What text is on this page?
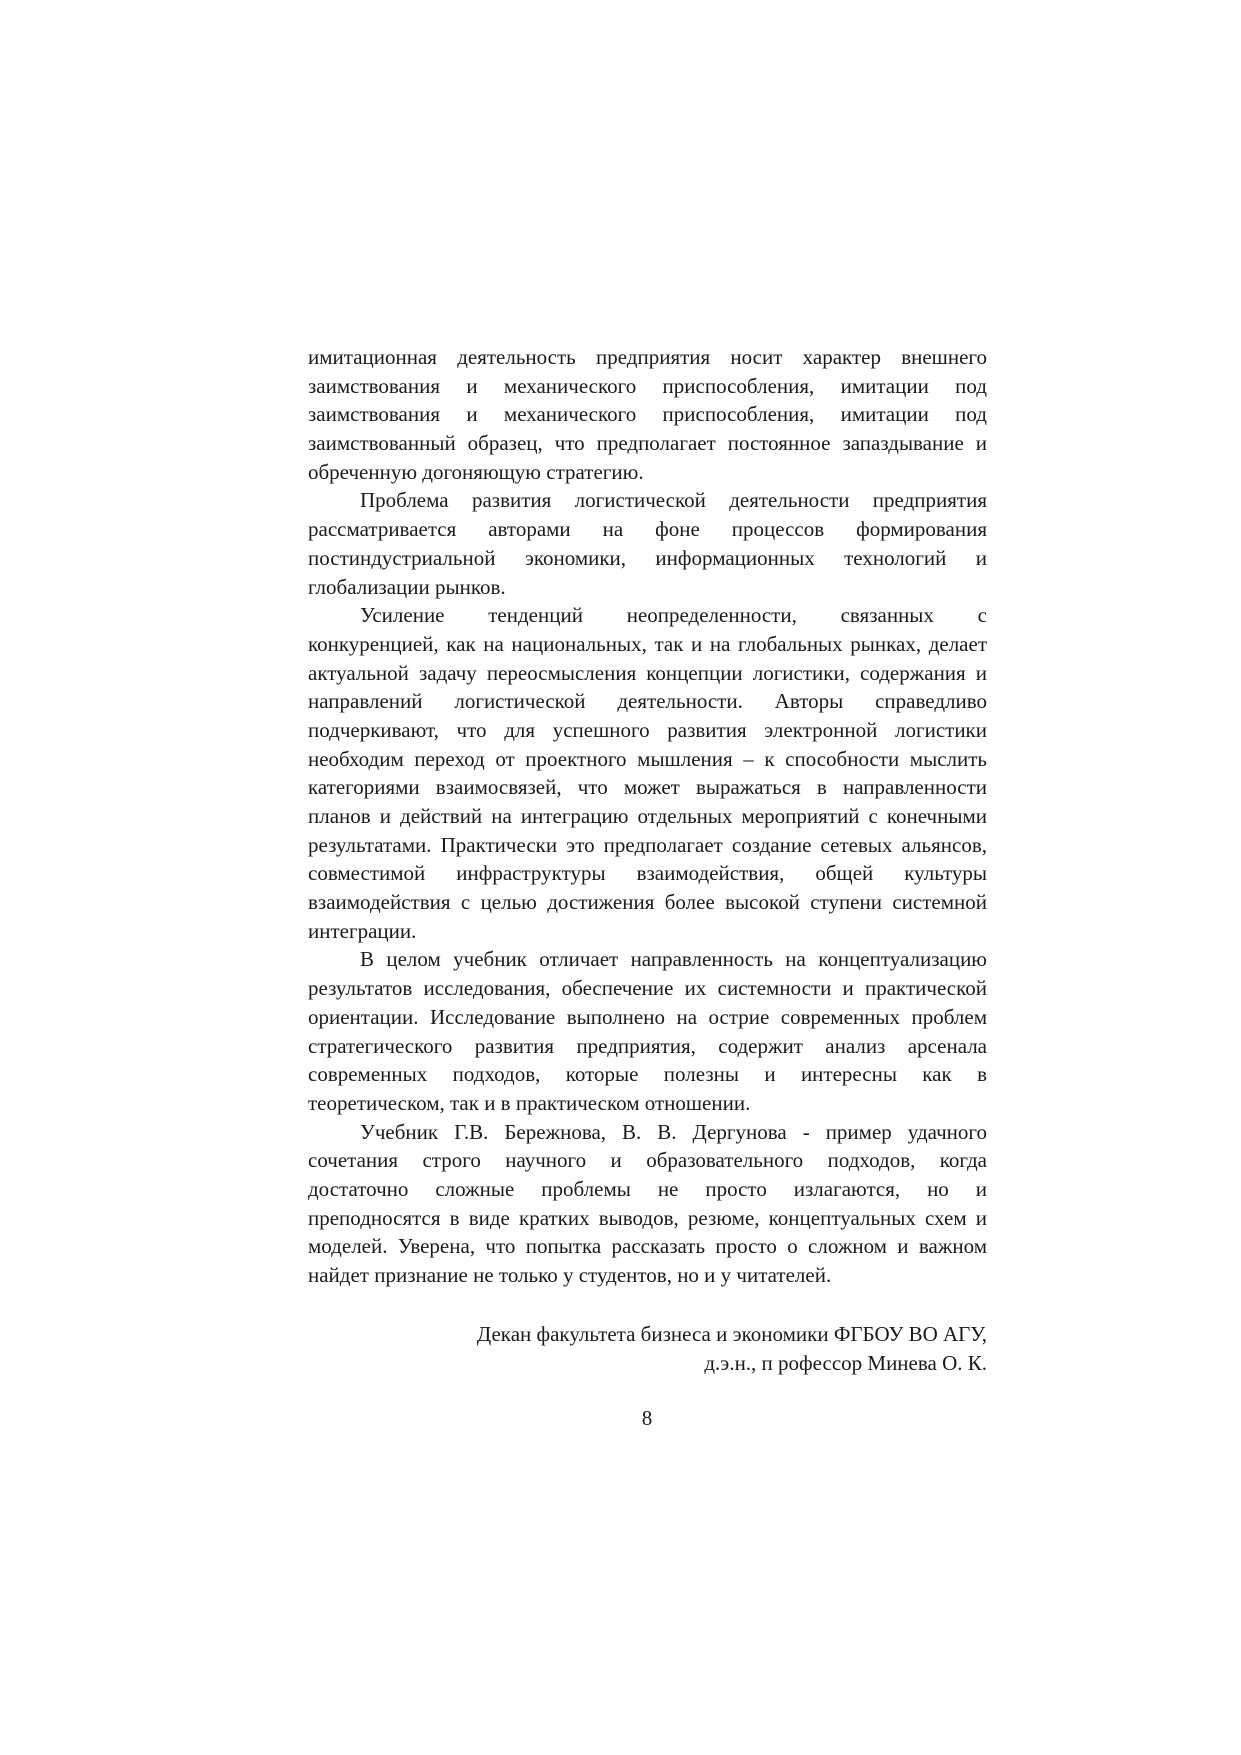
имитационная деятельность предприятия носит характер внешнего
заимствования и механического приспособления, имитации под
заимствования и механического приспособления, имитации под
заимствованный образец, что предполагает постоянное запаздывание и
обреченную догоняющую стратегию.
Проблема развития логистической деятельности предприятия
рассматривается авторами на фоне процессов формирования
постиндустриальной экономики, информационных технологий и
глобализации рынков.
Усиление тенденций неопределенности, связанных с
конкуренцией, как на национальных, так и на глобальных рынках, делает
актуальной задачу переосмысления концепции логистики, содержания и
направлений логистической деятельности. Авторы справедливо
подчеркивают, что для успешного развития электронной логистики
необходим переход от проектного мышления – к способности мыслить
категориями взаимосвязей, что может выражаться в направленности
планов и действий на интеграцию отдельных мероприятий с конечными
результатами. Практически это предполагает создание сетевых альянсов,
совместимой инфраструктуры взаимодействия, общей культуры
взаимодействия с целью достижения более высокой ступени системной
интеграции.
В целом учебник отличает направленность на концептуализацию
результатов исследования, обеспечение их системности и практической
ориентации. Исследование выполнено на острие современных проблем
стратегического развития предприятия, содержит анализ арсенала
современных подходов, которые полезны и интересны как в
теоретическом, так и в практическом отношении.
Учебник Г.В. Бережнова, В. В. Дергунова - пример удачного
сочетания строго научного и образовательного подходов, когда
достаточно сложные проблемы не просто излагаются, но и
преподносятся в виде кратких выводов, резюме, концептуальных схем и
моделей. Уверена, что попытка рассказать просто о сложном и важном
найдет признание не только у студентов, но и у читателей.
Декан факультета бизнеса и экономики ФГБОУ ВО АГУ,
д.э.н., п рофессор Минева О. К.
8
